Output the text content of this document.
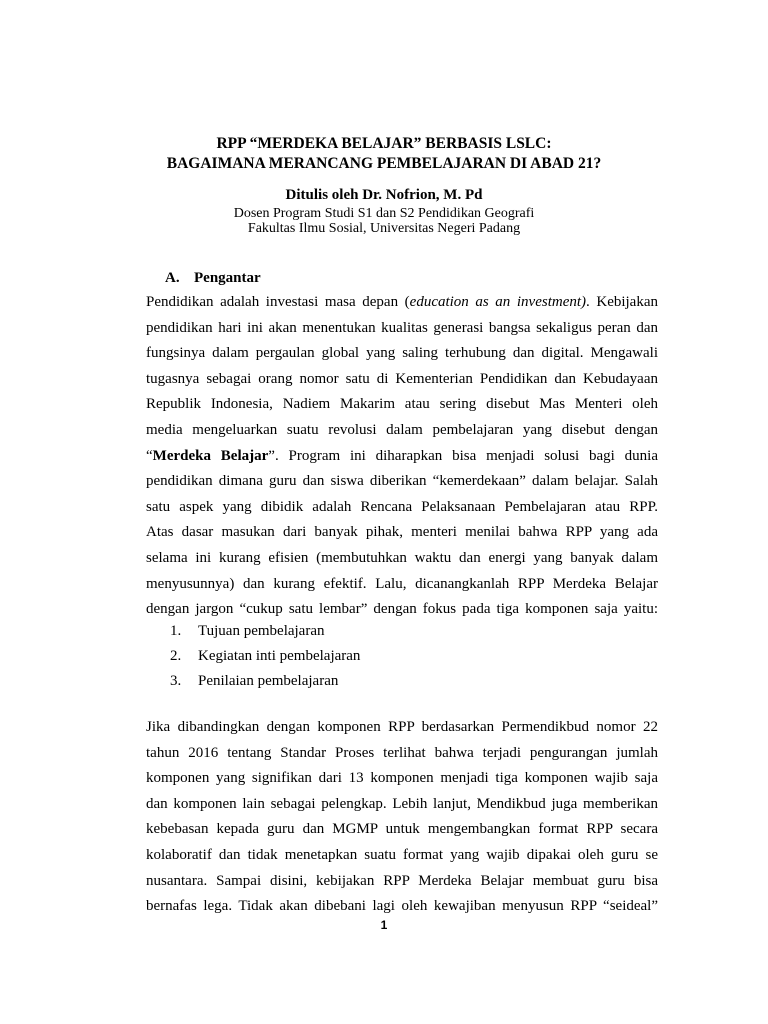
RPP “MERDEKA BELAJAR” BERBASIS LSLC:
BAGAIMANA MERANCANG PEMBELAJARAN DI ABAD 21?
Ditulis oleh Dr. Nofrion, M. Pd
Dosen Program Studi S1 dan S2 Pendidikan Geografi
Fakultas Ilmu Sosial, Universitas Negeri Padang
A. Pengantar
Pendidikan adalah investasi masa depan (education as an investment). Kebijakan
pendidikan hari ini akan menentukan kualitas generasi bangsa sekaligus peran dan
fungsinya dalam pergaulan global yang saling terhubung dan digital. Mengawali
tugasnya sebagai orang nomor satu di Kementerian Pendidikan dan Kebudayaan
Republik Indonesia, Nadiem Makarim atau sering disebut Mas Menteri oleh
media mengeluarkan suatu revolusi dalam pembelajaran yang disebut dengan
“Merdeka Belajar”. Program ini diharapkan bisa menjadi solusi bagi dunia
pendidikan dimana guru dan siswa diberikan “kemerdekaan” dalam belajar. Salah
satu aspek yang dibidik adalah Rencana Pelaksanaan Pembelajaran atau RPP.
Atas dasar masukan dari banyak pihak, menteri menilai bahwa RPP yang ada
selama ini kurang efisien (membutuhkan waktu dan energi yang banyak dalam
menyusunnya) dan kurang efektif. Lalu, dicanangkanlah RPP Merdeka Belajar
dengan jargon “cukup satu lembar” dengan fokus pada tiga komponen saja yaitu:
1. Tujuan pembelajaran
2. Kegiatan inti pembelajaran
3. Penilaian pembelajaran
Jika dibandingkan dengan komponen RPP berdasarkan Permendikbud nomor 22
tahun 2016 tentang Standar Proses terlihat bahwa terjadi pengurangan jumlah
komponen yang signifikan dari 13 komponen menjadi tiga komponen wajib saja
dan komponen lain sebagai pelengkap. Lebih lanjut, Mendikbud juga memberikan
kebebasan kepada guru dan MGMP untuk mengembangkan format RPP secara
kolaboratif dan tidak menetapkan suatu format yang wajib dipakai oleh guru se
nusantara. Sampai disini, kebijakan RPP Merdeka Belajar membuat guru bisa
bernafas lega. Tidak akan dibebani lagi oleh kewajiban menyusun RPP “seideal”
1
